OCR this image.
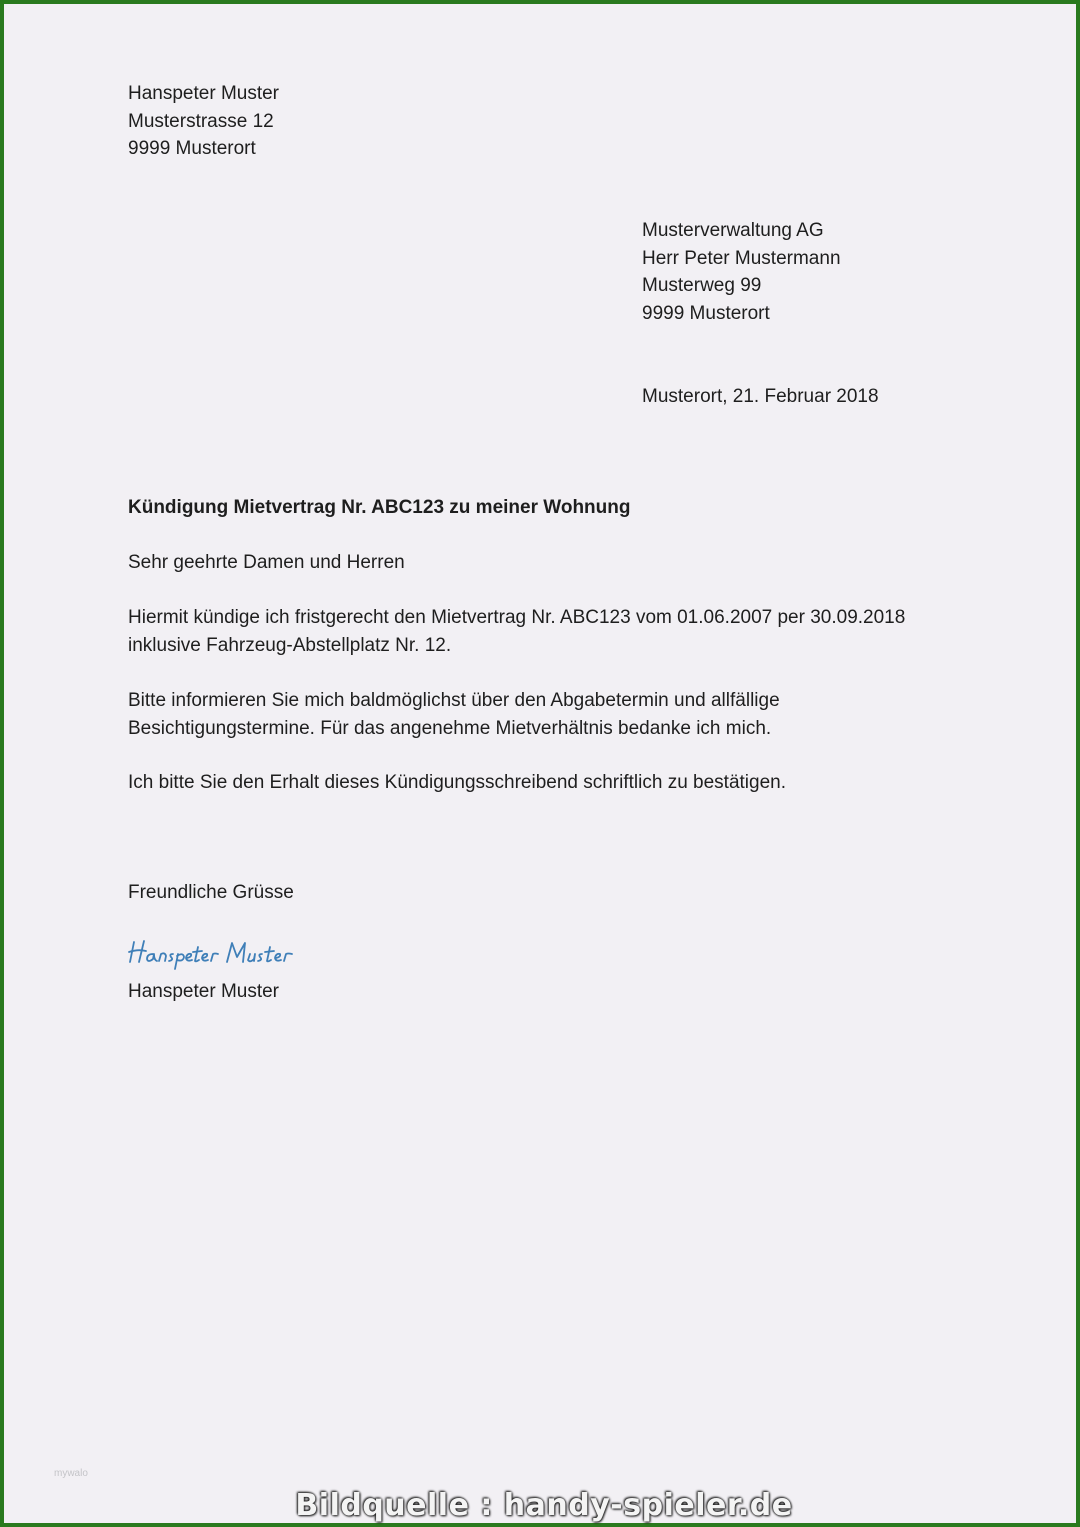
Hanspeter Muster
Musterstrasse 12
9999 Musterort
Musterverwaltung AG
Herr Peter Mustermann
Musterweg 99
9999 Musterort
Musterort, 21. Februar 2018
Kündigung Mietvertrag Nr. ABC123 zu meiner Wohnung
Sehr geehrte Damen und Herren
Hiermit kündige ich fristgerecht den Mietvertrag Nr. ABC123 vom 01.06.2007 per 30.09.2018
inklusive Fahrzeug-Abstellplatz Nr. 12.
Bitte informieren Sie mich baldmöglichst über den Abgabetermin und allfällige
Besichtigungstermine. Für das angenehme Mietverhältnis bedanke ich mich.
Ich bitte Sie den Erhalt dieses Kündigungsschreibend schriftlich zu bestätigen.
Freundliche Grüsse
Hanspeter Muster
mywalo
Bildquelle : handy-spieler.de
